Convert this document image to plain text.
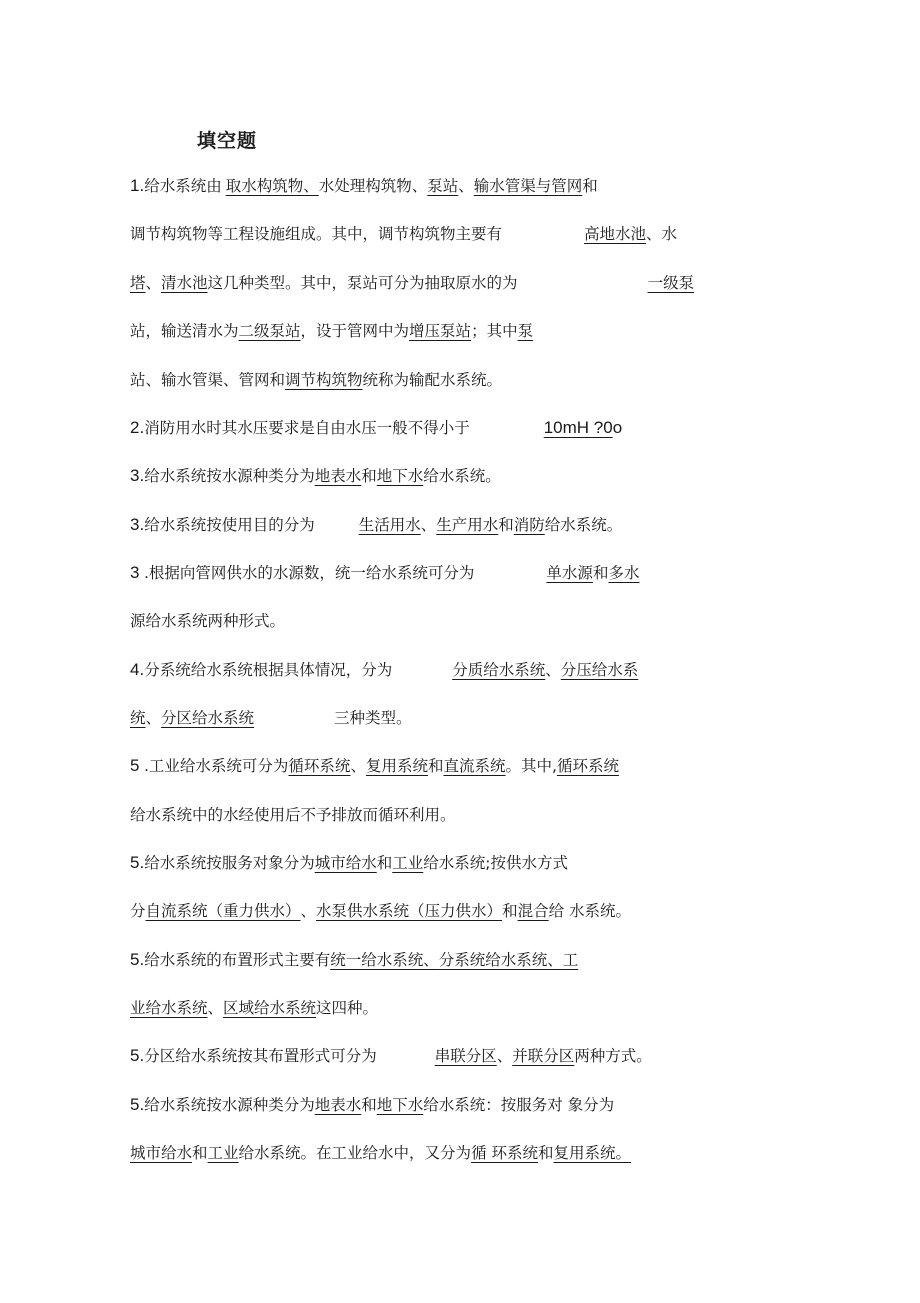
填空题
1.给水系统由取水构筑物、水处理构筑物、泵站、输水管渠与管网和
调节构筑物等工程设施组成。其中，调节构筑物主要有	高地水池、水
塔、清水池这几种类型。其中，泵站可分为抽取原水的为	一级泵
站，输送清水为二级泵站，设于管网中为增压泵站；其中泵
站、输水管渠、管网和调节构筑物统称为输配水系统。
2.消防用水时其水压要求是自由水压一般不得小于	10mH ?0o
3.给水系统按水源种类分为地表水和地下水给水系统。
3.给水系统按使用目的分为	生活用水、生产用水和消防给水系统。
3 .根据向管网供水的水源数，统一给水系统可分为	单水源和多水
源给水系统两种形式。
4.分系统给水系统根据具体情况，分为	分质给水系统、分压给水系
统、分区给水系统	三种类型。
5 .工业给水系统可分为循环系统、复用系统和直流系统。其中,循环系统
给水系统中的水经使用后不予排放而循环利用。
5.给水系统按服务对象分为城市给水和工业给水系统;按供水方式
分自流系统（重力供水）、水泵供水系统（压力供水）和混合给 水系统。
5.给水系统的布置形式主要有统一给水系统、分系统给水系统、工
业给水系统、区域给水系统这四种。
5.分区给水系统按其布置形式可分为	串联分区、并联分区两种方式。
5.给水系统按水源种类分为地表水和地下水给水系统：按服务对 象分为
城市给水和工业给水系统。在工业给水中，又分为循 环系统和复用系统。
